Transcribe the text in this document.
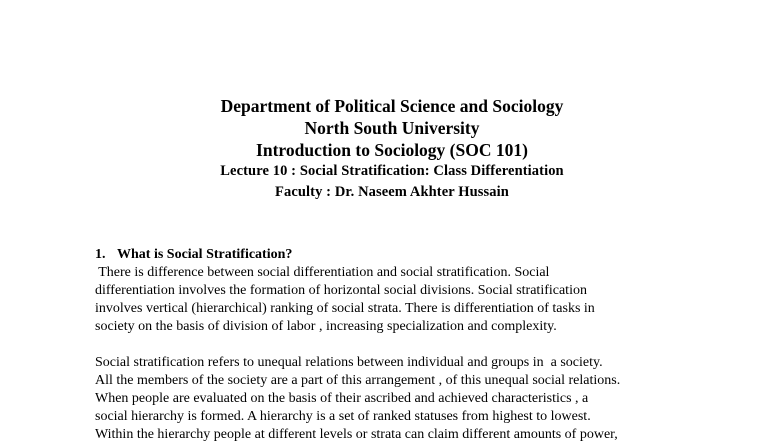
Department of Political Science and Sociology
North South University
Introduction to Sociology (SOC 101)
Lecture 10 : Social Stratification: Class Differentiation
Faculty : Dr. Naseem Akhter Hussain
1. What is Social Stratification?
There is difference between social differentiation and social stratification. Social
differentiation involves the formation of horizontal social divisions. Social stratification
involves vertical (hierarchical) ranking of social strata. There is differentiation of tasks in
society on the basis of division of labor , increasing specialization and complexity.
Social stratification refers to unequal relations between individual and groups in  a society.
All the members of the society are a part of this arrangement , of this unequal social relations.
When people are evaluated on the basis of their ascribed and achieved characteristics , a
social hierarchy is formed. A hierarchy is a set of ranked statuses from highest to lowest.
Within the hierarchy people at different levels or strata can claim different amounts of power,
